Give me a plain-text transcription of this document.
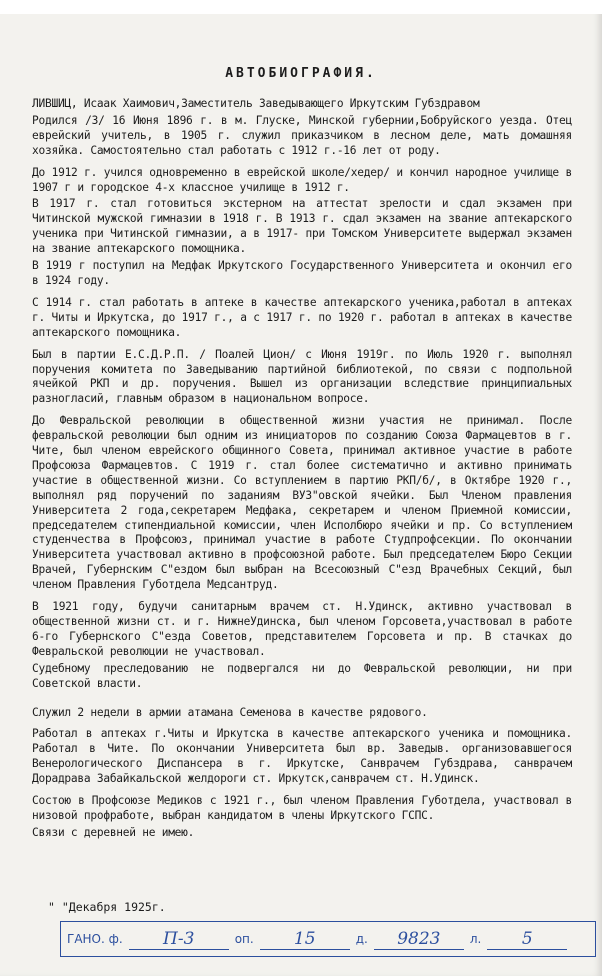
АВТОБИОГРАФИЯ.

ЛИВШИЦ, Исаак Хаимович,Заместитель Заведывающего Иркутским Губздравом

Родился /3/ 16 Июня 1896 г. в м. Глуске, Минской губернии,Бобруйского уезда. Отец еврейский учитель, в 1905 г. служил приказчиком в лесном деле, мать домашняя хозяйка. Самостоятельно стал работать с 1912 г.-16 лет от роду.

До 1912 г. учился одновременно в еврейской школе/хедер/ и кончил народное училище в 1907 г и городское 4-х классное училище в 1912 г.

В 1917 г. стал готовиться экстерном на аттестат зрелости и сдал экзамен при Читинской мужской гимназии в 1918 г. В 1913 г. сдал экзамен на звание аптекарского ученика при Читинской гимназии, а в 1917- при Томском Университете выдержал экзамен на звание аптекарского помощника.

В 1919 г поступил на Медфак Иркутского Государственного Университета и окончил его в 1924 году.

С 1914 г. стал работать в аптеке в качестве аптекарского ученика,работал в аптеках г. Читы и Иркутска, до 1917 г., а с 1917 г. по 1920 г. работал в аптеках в качестве аптекарского помощника.

Был в партии Е.С.Д.Р.П. / Поалей Цион/ с Июня 1919г. по Июль 1920 г. выполнял поручения комитета по Заведыванию партийной библиотекой, по связи с подпольной ячейкой РКП и др. поручения. Вышел из организации вследствие принципиальных разногласий, главным образом в национальном вопросе.

До Февральской революции в общественной жизни участия не принимал. После февральской революции был одним из инициаторов по созданию Союза Фармацевтов в г. Чите, был членом еврейского общинного Совета, принимал активное участие в работе Профсоюза Фармацевтов. С 1919 г. стал более систематично и активно принимать участие в общественной жизни. Со вступлением в партию РКП/б/, в Октябре 1920 г., выполнял ряд поручений по заданиям ВУЗ"овской ячейки. Был Членом правления Университета 2 года,секретарем Медфака, секретарем и членом Приемной комиссии, председателем стипендиальной комиссии, член Исполбюро ячейки и пр. Со вступлением студенчества в Профсоюз, принимал участие в работе Студпрофсекции. По окончании Университета участвовал активно в профсоюзной работе. Был председателем Бюро Секции Врачей, Губернским С"ездом был выбран на Всесоюзный С"езд Врачебных Секций, был членом Правления Губотдела Медсантруд.

В 1921 году, будучи санитарным врачем ст. Н.Удинск, активно участвовал в общественной жизни ст. и г. НижнеУдинска, был членом Горсовета,участвовал в работе 6-го Губернского С"езда Советов, представителем Горсовета и пр. В стачках до Февральской революции не участвовал.

Судебному преследованию не подвергался ни до Февральской революции, ни при Советской власти.

Служил 2 недели в армии атамана Семенова в качестве рядового.

Работал в аптеках г.Читы и Иркутска в качестве аптекарского ученика и помощника. Работал в Чите. По окончании Университета был вр. Заведыв. организовавшегося Венерологического Диспансера в г. Иркутске, Санврачем Губздрава, санврачем Дорадрава Забайкальской желдороги ст. Иркутск,санврачем ст. Н.Удинск.

Состою в Профсоюзе Медиков с 1921 г., был членом Правления Губотдела, участвовал в низовой профработе, выбран кандидатом в члены Иркутского ГСПС.

Связи с деревней не имею.

" "Декабря 1925г.
ГАНО. ф.	П-3	оп.	15	д.	9823	л.	5
